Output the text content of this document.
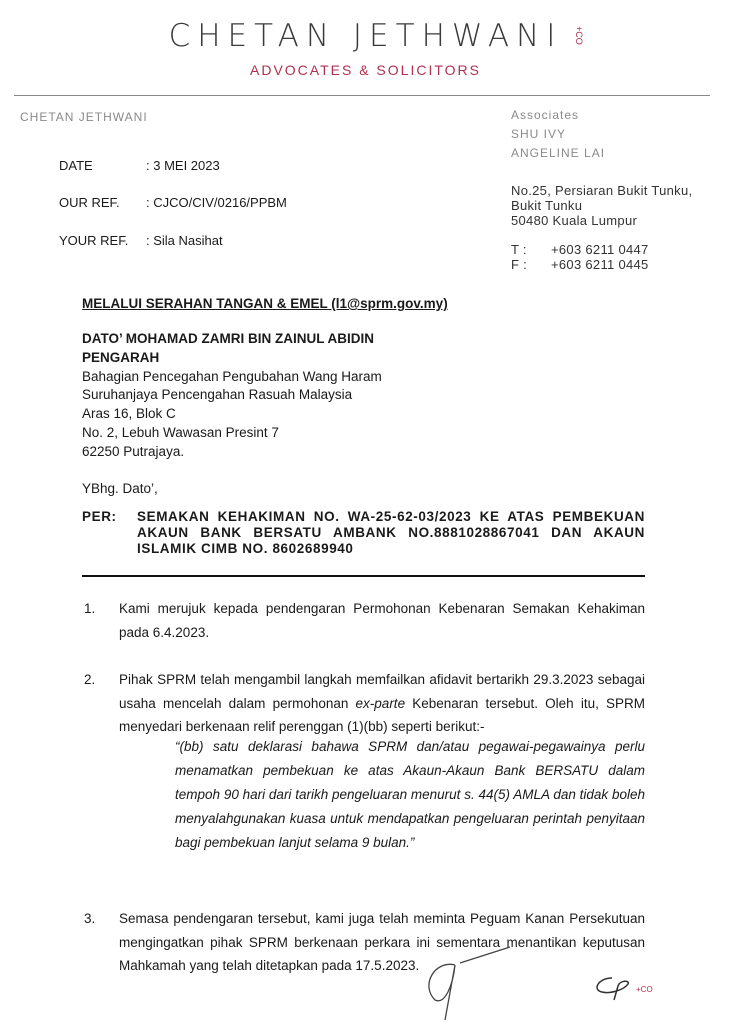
CHETAN JETHWANI	+CO
ADVOCATES & SOLICITORS
CHETAN JETHWANI	Associates
SHU IVY
ANGELINE LAI
DATE	: 3 MEI 2023
OUR REF. : CJCO/CIV/0216/PPBM
YOUR REF. : Sila Nasihat
No.25, Persiaran Bukit Tunku,
Bukit Tunku
50480 Kuala Lumpur
T : +603 6211 0447
F : +603 6211 0445
MELALUI SERAHAN TANGAN & EMEL (l1@sprm.gov.my)
DATO’ MOHAMAD ZAMRI BIN ZAINUL ABIDIN
PENGARAH
Bahagian Pencegahan Pengubahan Wang Haram
Suruhanjaya Pencengahan Rasuah Malaysia
Aras 16, Blok C
No. 2, Lebuh Wawasan Presint 7
62250 Putrajaya.
YBhg. Dato’,
PER: SEMAKAN KEHAKIMAN NO. WA-25-62-03/2023 KE ATAS PEMBEKUAN AKAUN BANK BERSATU AMBANK NO.8881028867041 DAN AKAUN ISLAMIK CIMB NO. 8602689940
1. Kami merujuk kepada pendengaran Permohonan Kebenaran Semakan Kehakiman pada 6.4.2023.
2. Pihak SPRM telah mengambil langkah memfailkan afidavit bertarikh 29.3.2023 sebagai usaha mencelah dalam permohonan ex-parte Kebenaran tersebut. Oleh itu, SPRM menyedari berkenaan relif perenggan (1)(bb) seperti berikut:-
“(bb) satu deklarasi bahawa SPRM dan/atau pegawai-pegawainya perlu menamatkan pembekuan ke atas Akaun-Akaun Bank BERSATU dalam tempoh 90 hari dari tarikh pengeluaran menurut s. 44(5) AMLA dan tidak boleh menyalahgunakan kuasa untuk mendapatkan pengeluaran perintah penyitaan bagi pembekuan lanjut selama 9 bulan.”
3. Semasa pendengaran tersebut, kami juga telah meminta Peguam Kanan Persekutuan mengingatkan pihak SPRM berkenaan perkara ini sementara menantikan keputusan Mahkamah yang telah ditetapkan pada 17.5.2023.
+CO
